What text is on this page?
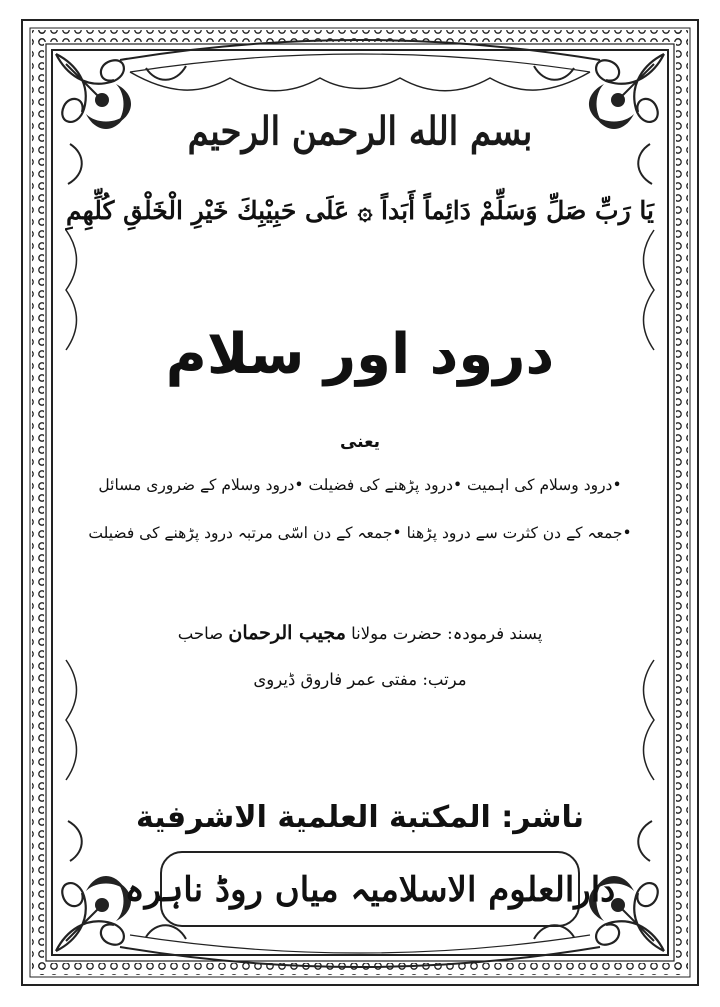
بسم الله الرحمن الرحيم
يَا رَبِّ صَلِّ وَسَلِّمْ دَائِماً أَبَداً ۞ عَلَى حَبِيْبِكَ خَيْرِ الْخَلْقِ كُلِّهِمِ
درود اور سلام
یعنی
•درود وسلام کی اہمیت •درود پڑھنے کی فضیلت •درود وسلام کے ضروری مسائل
•جمعہ کے دن کثرت سے درود پڑھنا •جمعہ کے دن اسّی مرتبہ درود پڑھنے کی فضیلت
پسند فرمودہ: حضرت مولانا مجیب الرحمان صاحب
مرتب: مفتی عمر فاروق ڈیروی
ناشر: المكتبة العلمية الاشرفية
دارالعلوم الاسلامیہ میاں روڈ ناہرہ
